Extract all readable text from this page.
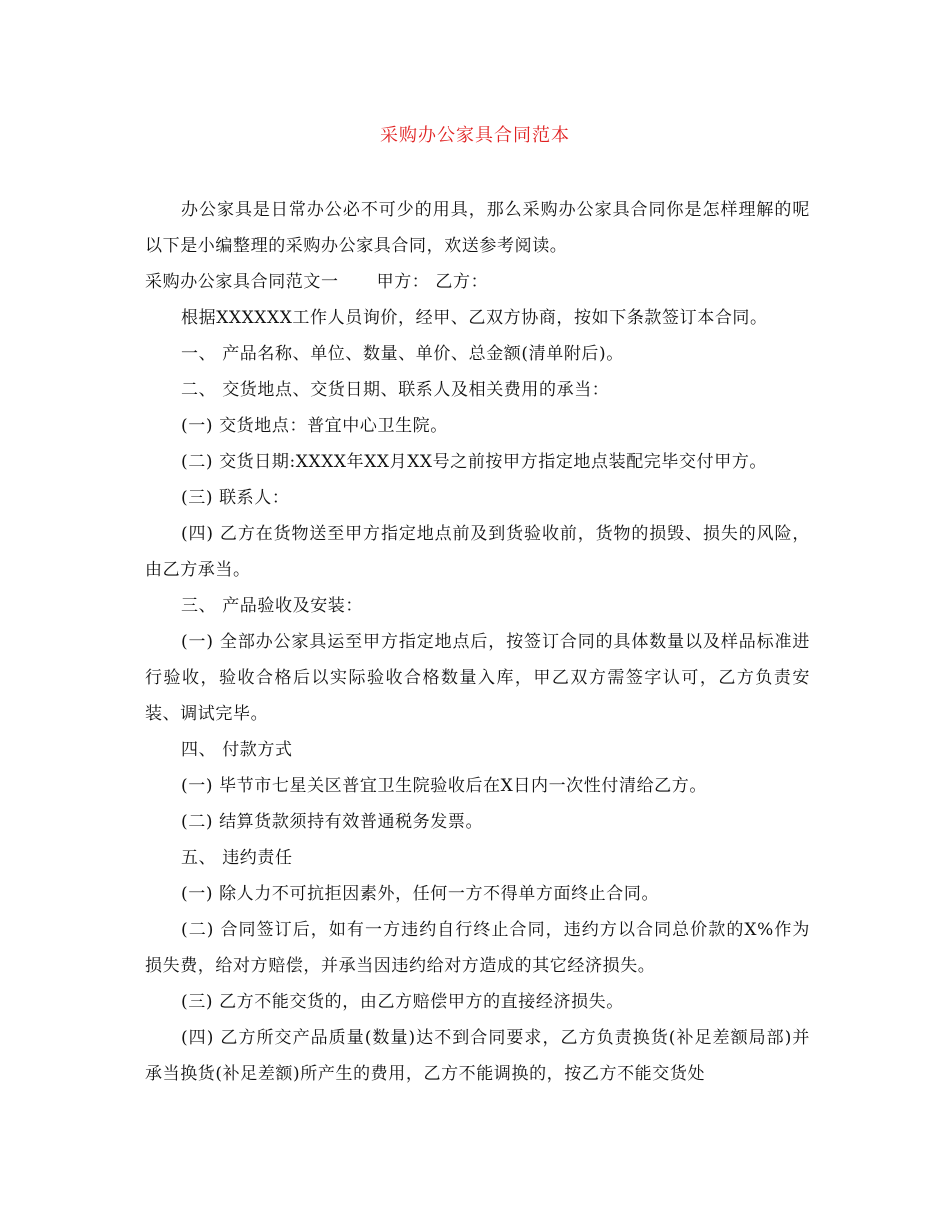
采购办公家具合同范本

办公家具是日常办公必不可少的用具，那么采购办公家具合同你是怎样理解的呢以下是小编整理的采购办公家具合同，欢送参考阅读。

采购办公家具合同范文一 甲方： 乙方：

根据XXXXXX工作人员询价，经甲、乙双方协商，按如下条款签订本合同。

一、 产品名称、单位、数量、单价、总金额(清单附后)。

二、 交货地点、交货日期、联系人及相关费用的承当：

(一) 交货地点：普宜中心卫生院。

(二) 交货日期:XXXX年XX月XX号之前按甲方指定地点装配完毕交付甲方。

(三) 联系人：

(四) 乙方在货物送至甲方指定地点前及到货验收前，货物的损毁、损失的风险，由乙方承当。

三、 产品验收及安装：

(一) 全部办公家具运至甲方指定地点后，按签订合同的具体数量以及样品标准进行验收，验收合格后以实际验收合格数量入库，甲乙双方需签字认可，乙方负责安装、调试完毕。

四、 付款方式

(一) 毕节市七星关区普宜卫生院验收后在X日内一次性付清给乙方。

(二) 结算货款须持有效普通税务发票。

五、 违约责任

(一) 除人力不可抗拒因素外，任何一方不得单方面终止合同。

(二) 合同签订后，如有一方违约自行终止合同，违约方以合同总价款的X%作为损失费，给对方赔偿，并承当因违约给对方造成的其它经济损失。

(三) 乙方不能交货的，由乙方赔偿甲方的直接经济损失。

(四) 乙方所交产品质量(数量)达不到合同要求，乙方负责换货(补足差额局部)并承当换货(补足差额)所产生的费用，乙方不能调换的，按乙方不能交货处
